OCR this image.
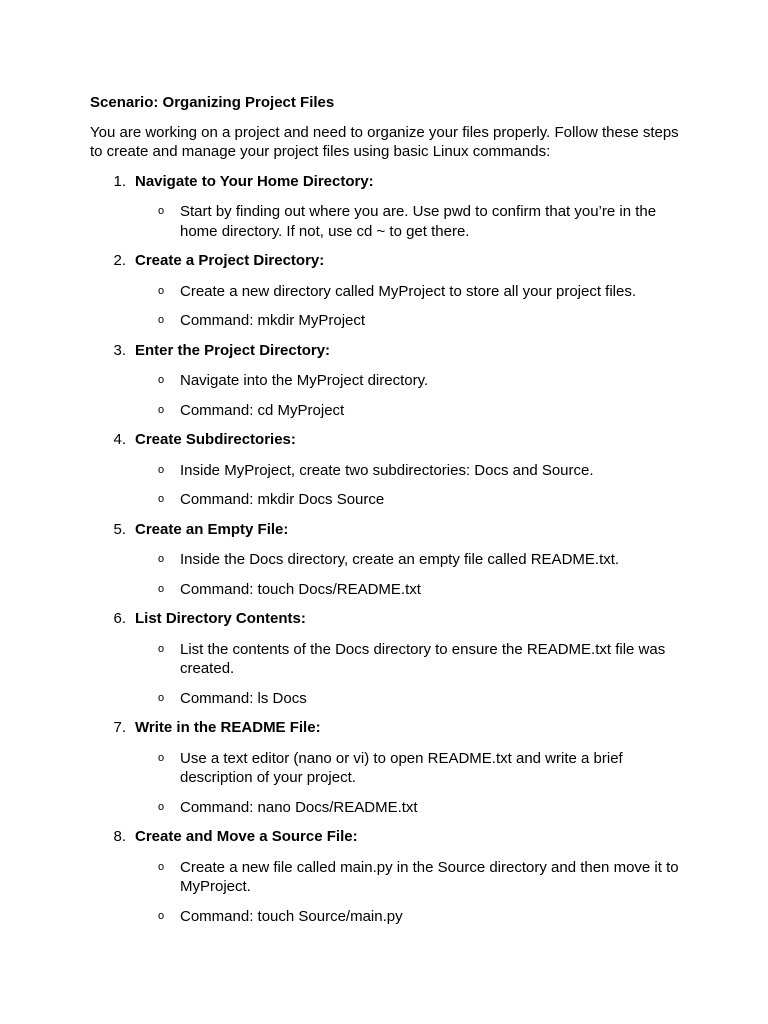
Scenario: Organizing Project Files
You are working on a project and need to organize your files properly. Follow these steps to create and manage your project files using basic Linux commands:
1. Navigate to Your Home Directory:
o Start by finding out where you are. Use pwd to confirm that you’re in the home directory. If not, use cd ~ to get there.
2. Create a Project Directory:
o Create a new directory called MyProject to store all your project files.
o Command: mkdir MyProject
3. Enter the Project Directory:
o Navigate into the MyProject directory.
o Command: cd MyProject
4. Create Subdirectories:
o Inside MyProject, create two subdirectories: Docs and Source.
o Command: mkdir Docs Source
5. Create an Empty File:
o Inside the Docs directory, create an empty file called README.txt.
o Command: touch Docs/README.txt
6. List Directory Contents:
o List the contents of the Docs directory to ensure the README.txt file was created.
o Command: ls Docs
7. Write in the README File:
o Use a text editor (nano or vi) to open README.txt and write a brief description of your project.
o Command: nano Docs/README.txt
8. Create and Move a Source File:
o Create a new file called main.py in the Source directory and then move it to MyProject.
o Command: touch Source/main.py
